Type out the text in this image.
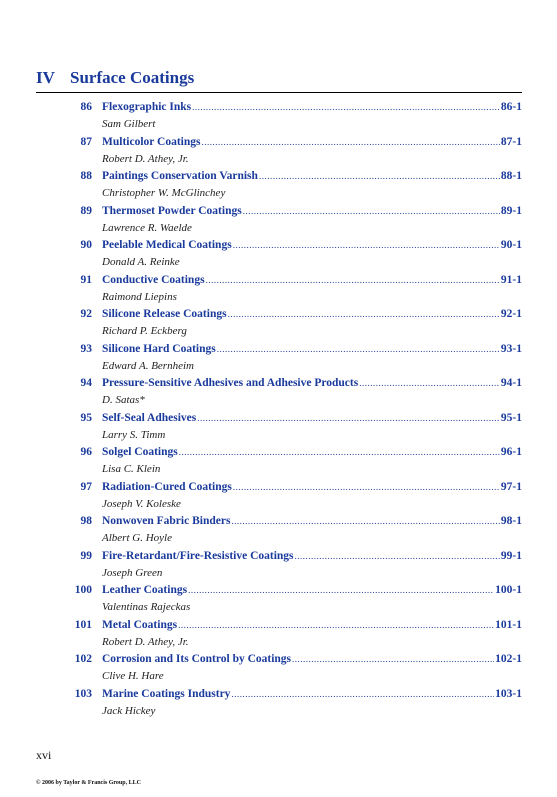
IV Surface Coatings
86 Flexographic Inks .....	86-1
Sam Gilbert
87 Multicolor Coatings .....	87-1
Robert D. Athey, Jr.
88 Paintings Conservation Varnish .....	88-1
Christopher W. McGlinchey
89 Thermoset Powder Coatings .....	89-1
Lawrence R. Waelde
90 Peelable Medical Coatings .....	90-1
Donald A. Reinke
91 Conductive Coatings .....	91-1
Raimond Liepins
92 Silicone Release Coatings .....	92-1
Richard P. Eckberg
93 Silicone Hard Coatings .....	93-1
Edward A. Bernheim
94 Pressure-Sensitive Adhesives and Adhesive Products .....	94-1
D. Satas*
95 Self-Seal Adhesives .....	95-1
Larry S. Timm
96 Solgel Coatings .....	96-1
Lisa C. Klein
97 Radiation-Cured Coatings .....	97-1
Joseph V. Koleske
98 Nonwoven Fabric Binders .....	98-1
Albert G. Hoyle
99 Fire-Retardant/Fire-Resistive Coatings .....	99-1
Joseph Green
100 Leather Coatings .....	100-1
Valentinas Rajeckas
101 Metal Coatings .....	101-1
Robert D. Athey, Jr.
102 Corrosion and Its Control by Coatings .....	102-1
Clive H. Hare
103 Marine Coatings Industry .....	103-1
Jack Hickey
xvi
© 2006 by Taylor & Francis Group, LLC
